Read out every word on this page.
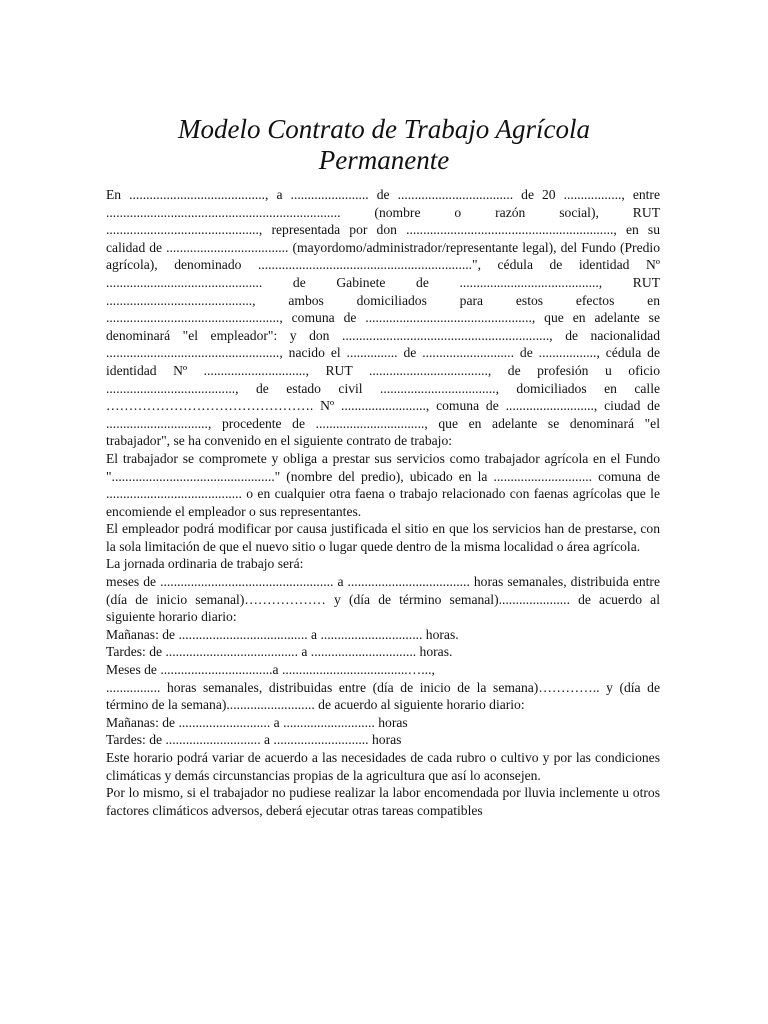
Modelo Contrato de Trabajo Agrícola
Permanente

En ........................................, a ....................... de .................................. de 20 ................., entre ..................................................................... (nombre o razón social), RUT ............................................., representada por don ............................................................., en su calidad de .................................... (mayordomo/administrador/representante legal), del Fundo (Predio agrícola), denominado ...............................................................", cédula de identidad Nº .............................................. de Gabinete de ........................................., RUT ..........................................., ambos domiciliados para estos efectos en ..................................................., comuna de ................................................., que en adelante se denominará "el empleador": y don ............................................................., de nacionalidad ..................................................., nacido el ............... de ........................... de ................., cédula de identidad Nº .............................., RUT ..................................., de profesión u oficio ......................................, de estado civil .................................., domiciliados en calle ………………………………………. Nº ........................., comuna de .........................., ciudad de .............................., procedente de ................................, que en adelante se denominará "el trabajador", se ha convenido en el siguiente contrato de trabajo:

El trabajador se compromete y obliga a prestar sus servicios como trabajador agrícola en el Fundo "................................................" (nombre del predio), ubicado en la ............................. comuna de ........................................ o en cualquier otra faena o trabajo relacionado con faenas agrícolas que le encomiende el empleador o sus representantes.

El empleador podrá modificar por causa justificada el sitio en que los servicios han de prestarse, con la sola limitación de que el nuevo sitio o lugar quede dentro de la misma localidad o área agrícola.

La jornada ordinaria de trabajo será:

meses de ................................................... a .................................... horas semanales, distribuida entre (día de inicio semanal)……………… y (día de término semanal)..................... de acuerdo al siguiente horario diario:

Mañanas: de ...................................... a .............................. horas.

Tardes: de ....................................... a ............................... horas.

Meses de .................................a .....................................…...,

................ horas semanales, distribuidas entre (día de inicio de la semana)………….. y (día de término de la semana).......................... de acuerdo al siguiente horario diario:

Mañanas: de ........................... a ........................... horas

Tardes: de ............................ a ............................ horas

Este horario podrá variar de acuerdo a las necesidades de cada rubro o cultivo y por las condiciones climáticas y demás circunstancias propias de la agricultura que así lo aconsejen.

Por lo mismo, si el trabajador no pudiese realizar la labor encomendada por lluvia inclemente u otros factores climáticos adversos, deberá ejecutar otras tareas compatibles
